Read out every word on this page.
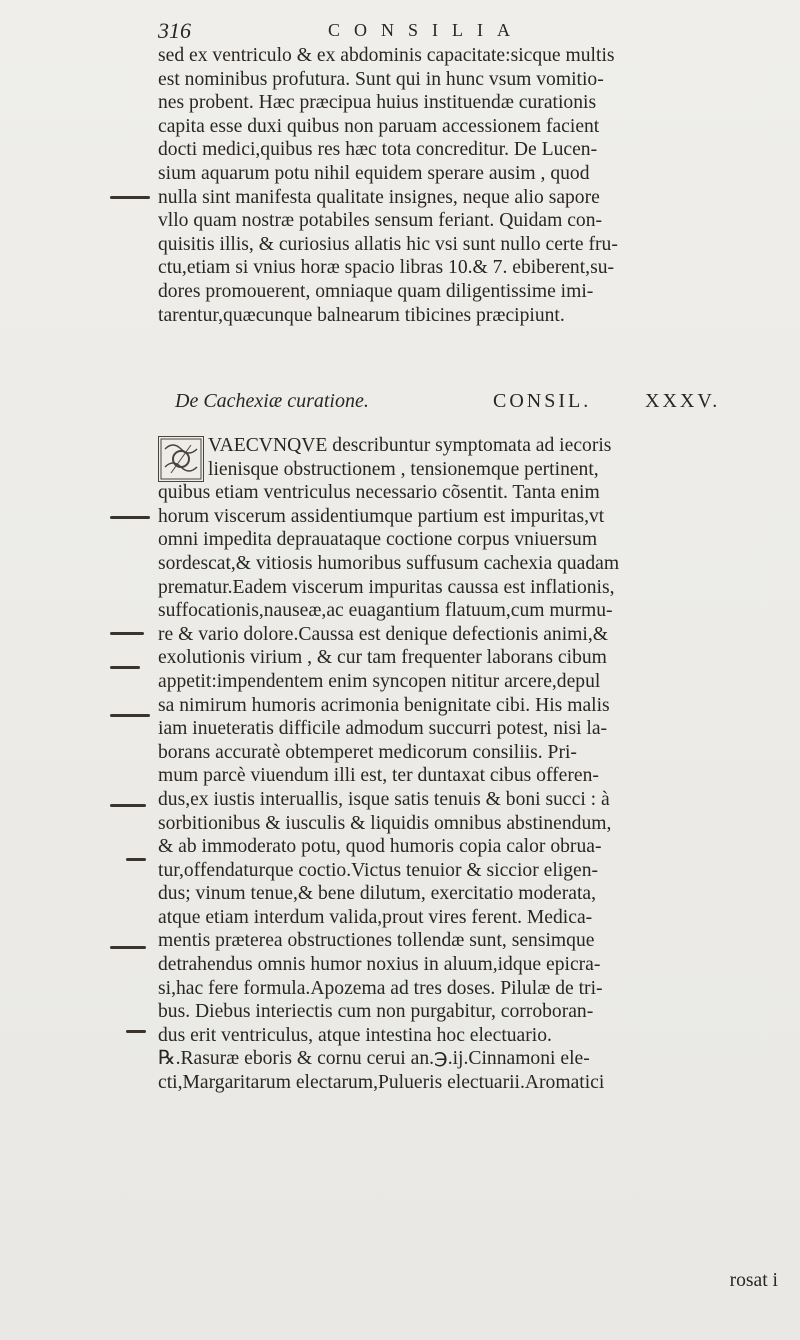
316	CONSILIA
sed ex ventriculo & ex abdominis capacitate:sicque multis
est nominibus profutura. Sunt qui in hunc vsum vomitio-
nes probent. Hæc præcipua huius instituendæ curationis
capita esse duxi quibus non paruam accessionem facient
docti medici,quibus res hæc tota concreditur. De Lucen-
sium aquarum potu nihil equidem sperare ausim , quod
nulla sint manifesta qualitate insignes, neque alio sapore
vllo quam nostræ potabiles sensum feriant. Quidam con-
quisitis illis, & curiosius allatis hic vsi sunt nullo certe fru-
ctu,etiam si vnius horæ spacio libras 10.& 7. ebiberent,su-
dores promouerent, omniaque quam diligentissime imi-
tarentur,quæcunque balnearum tibicines præcipiunt.
De Cachexiæ curatione.	CONSIL.	XXXV.
VAECVNQVE describuntur symptomata ad iecoris
lienisque obstructionem , tensionemque pertinent,
quibus etiam ventriculus necessario cõsentit. Tanta enim
horum viscerum assidentiumque partium est impuritas,vt
omni impedita deprauataque coctione corpus vniuersum
sordescat,& vitiosis humoribus suffusum cachexia quadam
prematur.Eadem viscerum impuritas caussa est inflationis,
suffocationis,nauseæ,ac euagantium flatuum,cum murmu-
re & vario dolore.Caussa est denique defectionis animi,&
exolutionis virium , & cur tam frequenter laborans cibum
appetit:impendentem enim syncopen nititur arcere,depul
sa nimirum humoris acrimonia benignitate cibi. His malis
iam inueteratis difficile admodum succurri potest, nisi la-
borans accuratè obtemperet medicorum consiliis. Pri-
mum parcè viuendum illi est, ter duntaxat cibus offeren-
dus,ex iustis interuallis, isque satis tenuis & boni succi : à
sorbitionibus & iusculis & liquidis omnibus abstinendum,
& ab immoderato potu, quod humoris copia calor obrua-
tur,offendaturque coctio.Victus tenuior & siccior eligen-
dus; vinum tenue,& bene dilutum, exercitatio moderata,
atque etiam interdum valida,prout vires ferent. Medica-
mentis præterea obstructiones tollendæ sunt, sensimque
detrahendus omnis humor noxius in aluum,idque epicra-
si,hac fere formula.Apozema ad tres doses. Pilulæ de tri-
bus. Diebus interiectis cum non purgabitur, corroboran-
dus erit ventriculus, atque intestina hoc electuario.
℞.Rasuræ eboris & cornu cerui an.℈.ij.Cinnamoni ele-
cti,Margaritarum electarum,Pulueris electuarii.Aromatici
rosat i
